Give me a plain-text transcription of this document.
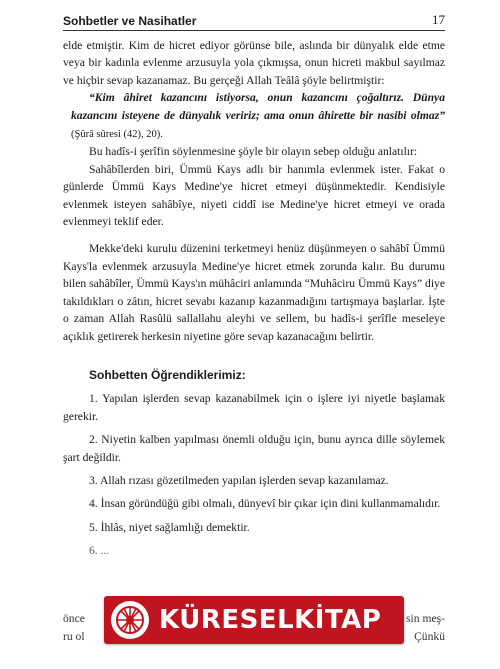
Sohbetler ve Nasihatler	17

elde etmiştir. Kim de hicret ediyor görünse bile, aslında bir dünyalık elde etme veya bir kadınla evlenme arzusuyla yola çıkmışsa, onun hicreti makbul sayılmaz ve hiçbir sevap kazanamaz. Bu gerçeği Allah Teâlâ şöyle belirtmiştir:

“Kim âhiret kazancını istiyorsa, onun kazancını çoğaltırız. Dünya kazancını isteyene de dünyalık veririz; ama onun âhirette bir nasibi olmaz” (Şûrâ sûresi (42), 20).

Bu hadîs-i şerîfin söylenmesine şöyle bir olayın sebep olduğu anlatılır:

Sahâbîlerden biri, Ümmü Kays adlı bir hanımla evlenmek ister. Fakat o günlerde Ümmü Kays Medine'ye hicret etmeyi düşünmektedir. Kendisiyle evlenmek isteyen sahâbîye, niyeti ciddî ise Medine'ye hicret etmeyi ve orada evlenmeyi teklif eder.

Mekke'deki kurulu düzenini terketmeyi henüz düşünmeyen o sahâbî Ümmü Kays'la evlenmek arzusuyla Medine'ye hicret etmek zorunda kalır. Bu durumu bilen sahâbîler, Ümmü Kays'ın mühâciri anlamında “Muhâciru Ümmü Kays” diye takıldıkları o zâtın, hicret sevabı kazanıp kazanmadığını tartışmaya başlarlar. İşte o zaman Allah Rasûlü sallallahu aleyhi ve sellem, bu hadîs-i şerîfle meseleye açıklık getirerek herkesin niyetine göre sevap kazanacağını belirtir.

Sohbetten Öğrendiklerimiz:

1. Yapılan işlerden sevap kazanabilmek için o işlere iyi niyetle başlamak gerekir.

2. Niyetin kalben yapılması önemli olduğu için, bunu ayrıca dille söylemek şart değildir.

3. Allah rızası gözetilmeden yapılan işlerden sevap kazanılamaz.

4. İnsan göründüğü gibi olmalı, dünyevî bir çıkar için dini kullanmamalıdır.

5. İhlâs, niyet sağlamlığı demektir.

6. ...

önce
ru ol
sin meş-
Çünkü
KÜRESELKİTAP
